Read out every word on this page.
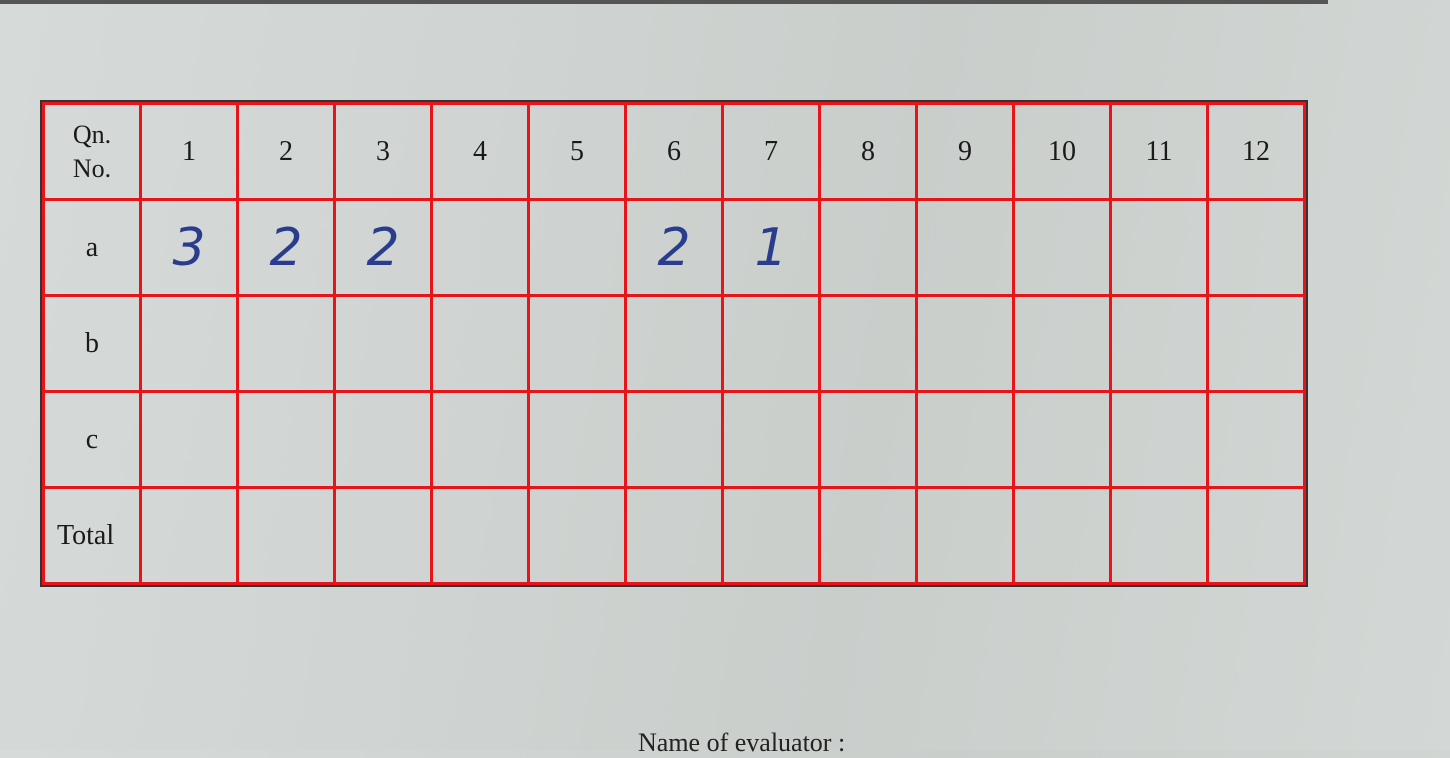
Qn.
No.	1	2	3	4	5	6	7	8	9	10	11	12
a	3	2	2			2	1					
b												
c												
Total												
Name of evaluator :
